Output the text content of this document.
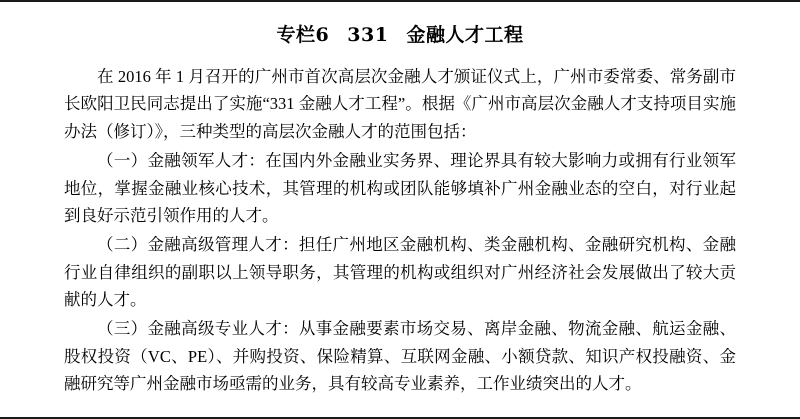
专栏6 331 金融人才工程

在 2016 年 1 月召开的广州市首次高层次金融人才颁证仪式上，广州市委常委、常务副市长欧阳卫民同志提出了实施“331 金融人才工程”。根据《广州市高层次金融人才支持项目实施办法（修订）》，三种类型的高层次金融人才的范围包括：

（一）金融领军人才：在国内外金融业实务界、理论界具有较大影响力或拥有行业领军地位，掌握金融业核心技术，其管理的机构或团队能够填补广州金融业态的空白，对行业起到良好示范引领作用的人才。

（二）金融高级管理人才：担任广州地区金融机构、类金融机构、金融研究机构、金融行业自律组织的副职以上领导职务，其管理的机构或组织对广州经济社会发展做出了较大贡献的人才。

（三）金融高级专业人才：从事金融要素市场交易、离岸金融、物流金融、航运金融、股权投资（VC、PE）、并购投资、保险精算、互联网金融、小额贷款、知识产权投融资、金融研究等广州金融市场亟需的业务，具有较高专业素养，工作业绩突出的人才。
